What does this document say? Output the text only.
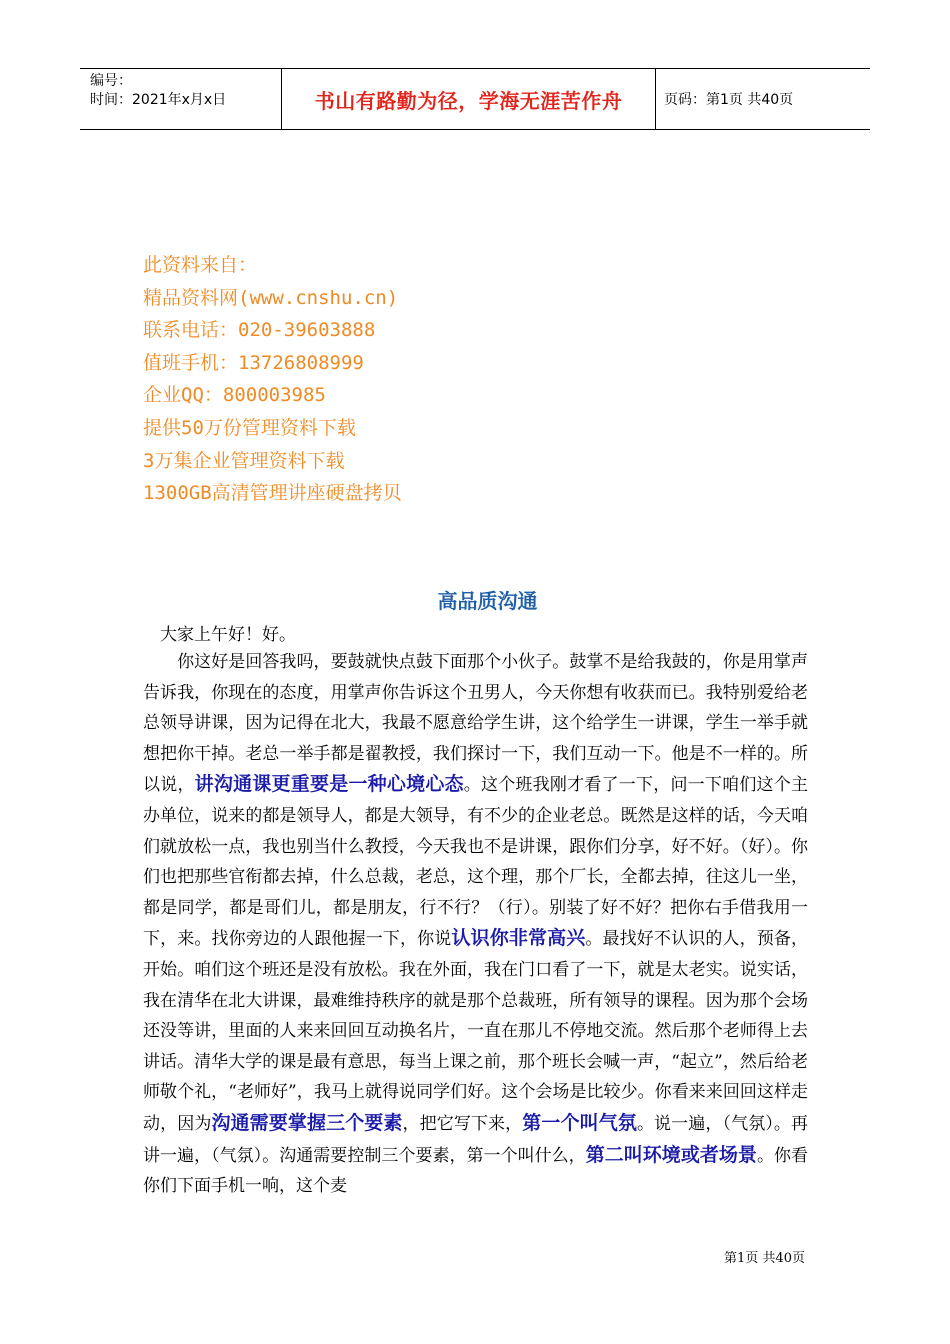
编号：
时间：2021年x月x日	书山有路勤为径，学海无涯苦作舟	页码：第1页 共40页
此资料来自：
精品资料网(www.cnshu.cn)
联系电话：020-39603888
值班手机：13726808999
企业QQ：800003985
提供50万份管理资料下载
3万集企业管理资料下载
1300GB高清管理讲座硬盘拷贝
高品质沟通
大家上午好！好。
　　你这好是回答我吗，要鼓就快点鼓下面那个小伙子。鼓掌不是给我鼓的，你是用掌声告诉我，你现在的态度，用掌声你告诉这个丑男人，今天你想有收获而已。我特别爱给老总领导讲课，因为记得在北大，我最不愿意给学生讲，这个给学生一讲课，学生一举手就想把你干掉。老总一举手都是翟教授，我们探讨一下，我们互动一下。他是不一样的。所以说，讲沟通课更重要是一种心境心态。这个班我刚才看了一下，问一下咱们这个主办单位，说来的都是领导人，都是大领导，有不少的企业老总。既然是这样的话，今天咱们就放松一点，我也别当什么教授，今天我也不是讲课，跟你们分享，好不好。（好）。你们也把那些官衔都去掉，什么总裁，老总，这个理，那个厂长，全都去掉，往这儿一坐，都是同学，都是哥们儿，都是朋友，行不行？（行）。别装了好不好？把你右手借我用一下，来。找你旁边的人跟他握一下，你说认识你非常高兴。最找好不认识的人，预备，开始。咱们这个班还是没有放松。我在外面，我在门口看了一下，就是太老实。说实话，我在清华在北大讲课，最难维持秩序的就是那个总裁班，所有领导的课程。因为那个会场还没等讲，里面的人来来回回互动换名片，一直在那儿不停地交流。然后那个老师得上去讲话。清华大学的课是最有意思，每当上课之前，那个班长会喊一声，“起立”，然后给老师敬个礼，“老师好”，我马上就得说同学们好。这个会场是比较少。你看来来回回这样走动，因为沟通需要掌握三个要素，把它写下来，第一个叫气氛。说一遍，（气氛）。再讲一遍，（气氛）。沟通需要控制三个要素，第一个叫什么，第二叫环境或者场景。你看你们下面手机一响，这个麦
第1页 共40页
